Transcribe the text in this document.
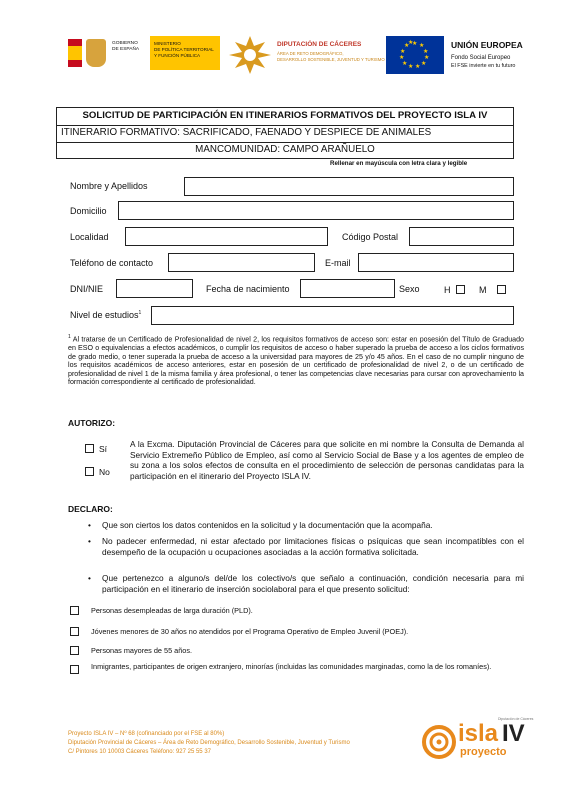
GOBIERNO
DE ESPAÑA
MINISTERIO
DE POLÍTICA TERRITORIAL
Y FUNCIÓN PÚBLICA
DIPUTACIÓN DE CÁCERES
ÁREA DE RETO DEMOGRÁFICO,
DESARROLLO SOSTENIBLE, JUVENTUD Y TURISMO
★ ★
★
★
★
★
★
★
★
★
★
★	UNIÓN EUROPEA
Fondo Social Europeo
El FSE invierte en tu futuro
SOLICITUD DE PARTICIPACIÓN EN ITINERARIOS FORMATIVOS DEL PROYECTO ISLA IV
ITINERARIO FORMATIVO: SACRIFICADO, FAENADO Y DESPIECE DE ANIMALES
MANCOMUNIDAD: CAMPO ARAÑUELO
Rellenar en mayúscula con letra clara y legible
Nombre y Apellidos
Domicilio
Localidad	Código Postal
Teléfono de contacto	E-mail
DNI/NIE	Fecha de nacimiento	Sexo	H	M
Nivel de estudios$^1$
$^1$ Al tratarse de un Certificado de Profesionalidad de nivel 2, los requisitos formativos de acceso son: estar en posesión del Título de Graduado en ESO o equivalencias a efectos académicos, o cumplir los requisitos de acceso o haber superado la prueba de acceso a los ciclos formativos de grado medio, o tener superada la prueba de acceso a la universidad para mayores de 25 y/o 45 años. En el caso de no cumplir ninguno de los requisitos académicos de acceso anteriores, estar en posesión de un certificado de profesionalidad de nivel 2, o de un certificado de profesionalidad de nivel 1 de la misma familia y área profesional, o tener las competencias clave necesarias para cursar con aprovechamiento la formación correspondiente al certificado de profesionalidad.
AUTORIZO:
Sí
No
A la Excma. Diputación Provincial de Cáceres para que solicite en mi nombre la Consulta de Demanda al Servicio Extremeño Público de Empleo, así como al Servicio Social de Base y a los agentes de empleo de su zona a los solos efectos de consulta en el procedimiento de selección de personas candidatas para la participación en el itinerario del Proyecto ISLA IV.
DECLARO:
• Que son ciertos los datos contenidos en la solicitud y la documentación que la acompaña.
• No padecer enfermedad, ni estar afectado por limitaciones físicas o psíquicas que sean incompatibles con el desempeño de la ocupación u ocupaciones asociadas a la acción formativa solicitada.
• Que pertenezco a alguno/s del/de los colectivo/s que señalo a continuación, condición necesaria para mi participación en el itinerario de inserción sociolaboral para el que presento solicitud:
Personas desempleadas de larga duración (PLD).
Jóvenes menores de 30 años no atendidos por el Programa Operativo de Empleo Juvenil (POEJ).
Personas mayores de 55 años.
Inmigrantes, participantes de origen extranjero, minorías (incluidas las comunidades marginadas, como la de los romaníes).
Proyecto ISLA IV – Nº 68 (cofinanciado por el FSE al 80%)
Diputación Provincial de Cáceres – Área de Reto Demográfico, Desarrollo Sostenible, Juventud y Turismo
C/ Pintores 10 10003 Cáceres Teléfono: 927 25 55 37
isla IV
Diputación de Cáceres
proyecto
